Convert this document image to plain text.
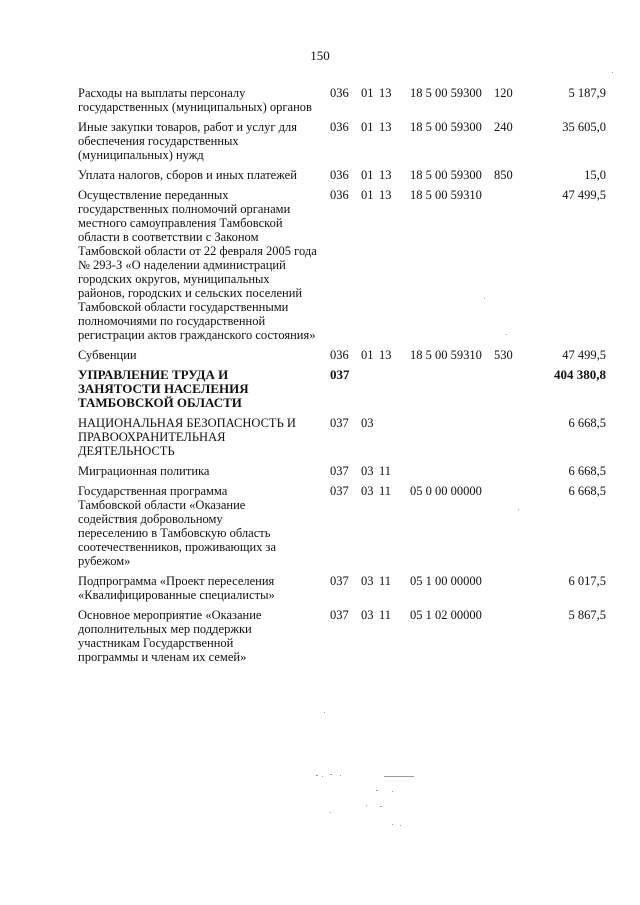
150
Расходы на выплаты персоналу государственных (муниципальных) органов
036 01 13 18 5 00 59300 120	5 187,9
Иные закупки товаров, работ и услуг для обеспечения государственных (муниципальных) нужд
036 01 13 18 5 00 59300 240	35 605,0
Уплата налогов, сборов и иных платежей	036 01 13 18 5 00 59300 850	15,0
Осуществление переданных государственных полномочий органами местного самоуправления Тамбовской области в соответствии с Законом Тамбовской области от 22 февраля 2005 года № 293-З «О наделении администраций городских округов, муниципальных районов, городских и сельских поселений Тамбовской области государственными полномочиями по государственной регистрации актов гражданского состояния»
036 01 13 18 5 00 59310	47 499,5
Субвенции	036 01 13 18 5 00 59310 530	47 499,5
УПРАВЛЕНИЕ ТРУДА И ЗАНЯТОСТИ НАСЕЛЕНИЯ ТАМБОВСКОЙ ОБЛАСТИ
037	404 380,8
НАЦИОНАЛЬНАЯ БЕЗОПАСНОСТЬ И ПРАВООХРАНИТЕЛЬНАЯ ДЕЯТЕЛЬНОСТЬ
037 03	6 668,5
Миграционная политика	037 03 11	6 668,5
Государственная программа Тамбовской области «Оказание содействия добровольному переселению в Тамбовскую область соотечественников, проживающих за рубежом»
037 03 11 05 0 00 00000	6 668,5
Подпрограмма «Проект переселения «Квалифицированные специалисты»
037 03 11 05 1 00 00000	6 017,5
Основное мероприятие «Оказание дополнительных мер поддержки участникам Государственной программы и членам их семей»
037 03 11 05 1 02 00000	5 867,5
